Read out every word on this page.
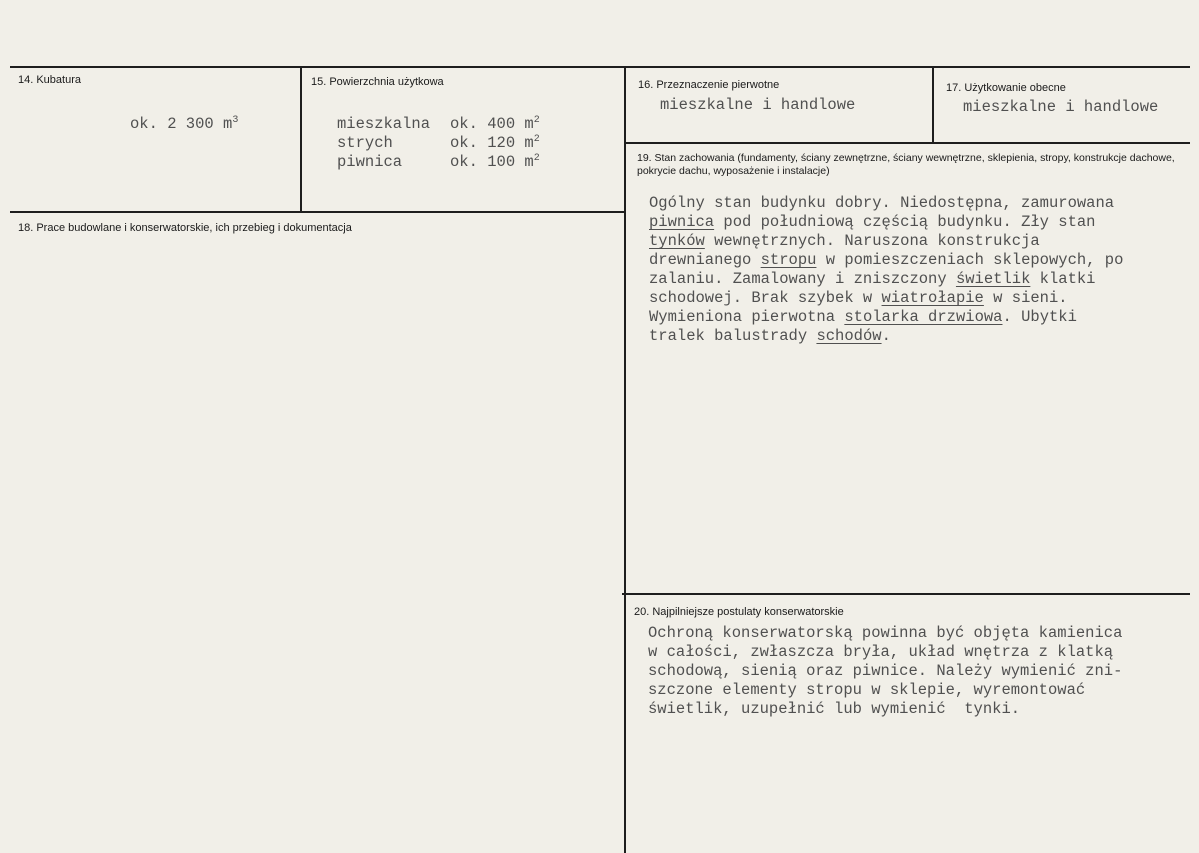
14. Kubatura
ok. 2 300 $m^3$
15. Powierzchnia użytkowa
mieszkalna ok. 400 $m^2$
strych	ok. 120 $m^2$
piwnica	ok. 100 $m^2$
16. Przeznaczenie pierwotne
mieszkalne i handlowe
17. Użytkowanie obecne
mieszkalne i handlowe
18. Prace budowlane i konserwatorskie, ich przebieg i dokumentacja
19. Stan zachowania (fundamenty, ściany zewnętrzne, ściany wewnętrzne, sklepienia, stropy, konstrukcje dachowe, pokrycie dachu, wyposażenie i instalacje)
Ogólny stan budynku dobry. Niedostępna, zamurowana
piwnica pod południową częścią budynku. Zły stan
tynków wewnętrznych. Naruszona konstrukcja
drewnianego stropu w pomieszczeniach sklepowych, po
zalaniu. Zamalowany i zniszczony świetlik klatki
schodowej. Brak szybek w wiatrołapie w sieni.
Wymieniona pierwotna stolarka drzwiowa. Ubytki
tralek balustrady schodów.
20. Najpilniejsze postulaty konserwatorskie
Ochroną konserwatorską powinna być objęta kamienica
w całości, zwłaszcza bryła, układ wnętrza z klatką
schodową, sienią oraz piwnice. Należy wymienić zni-
szczone elementy stropu w sklepie, wyremontować
świetlik, uzupełnić lub wymienić  tynki.
